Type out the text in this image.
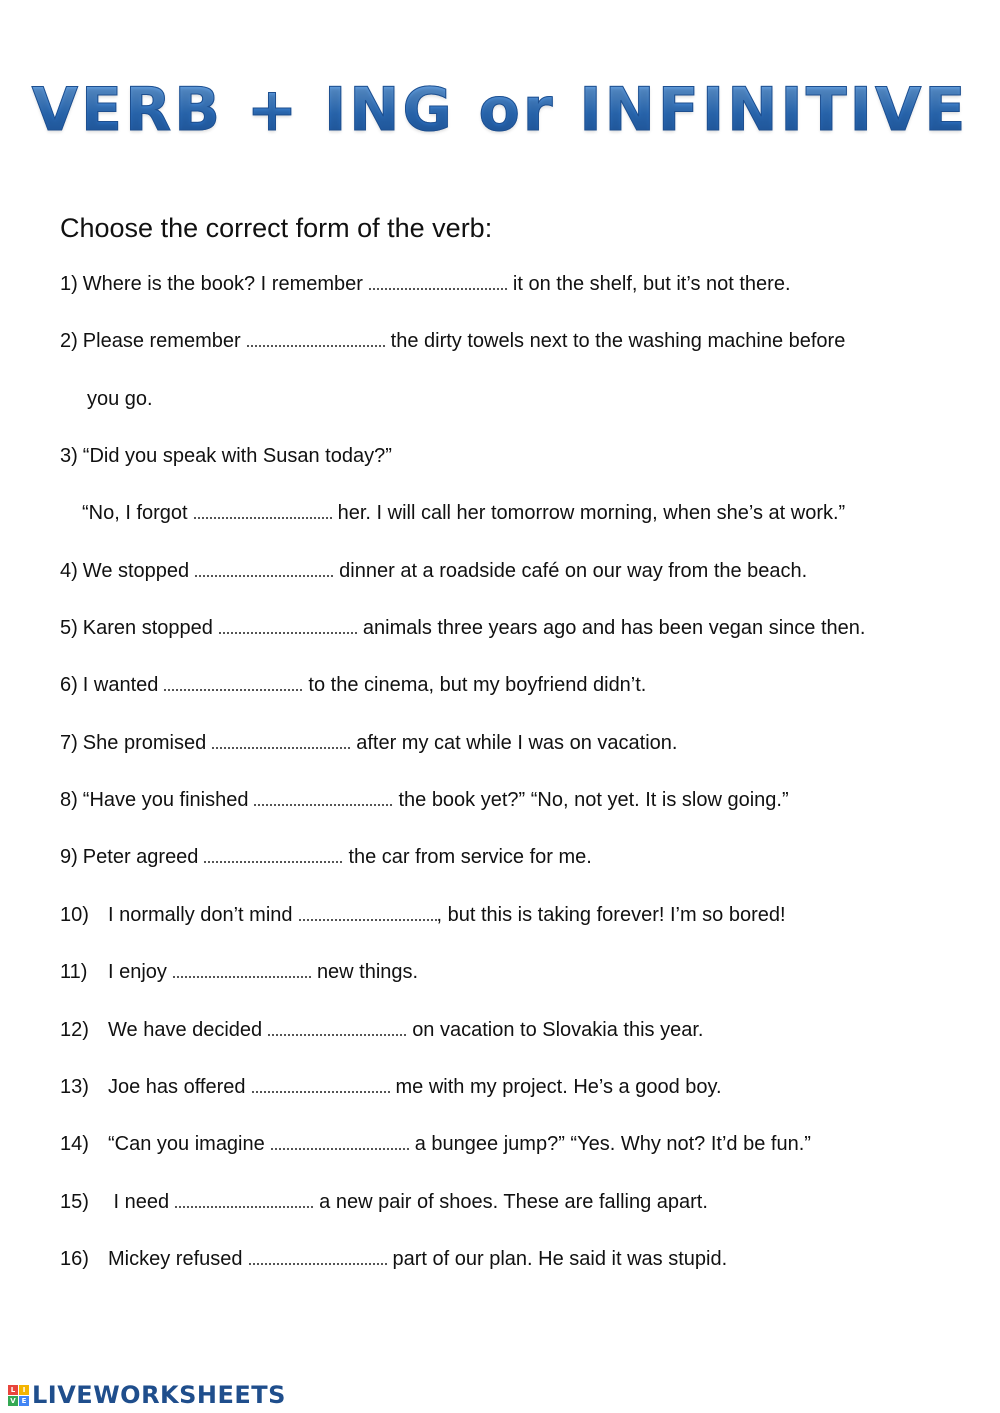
VERB + ING or INFINITIVE
Choose the correct form of the verb:
1) Where is the book? I remember	it on the shelf, but it’s not there.
2) Please remember	the dirty towels next to the washing machine before
you go.
3) “Did you speak with Susan today?”
“No, I forgot	her. I will call her tomorrow morning, when she’s at work.”
4) We stopped	dinner at a roadside café on our way from the beach.
5) Karen stopped	animals three years ago and has been vegan since then.
6) I wanted	to the cinema, but my boyfriend didn’t.
7) She promised	after my cat while I was on vacation.
8) “Have you finished	the book yet?” “No, not yet. It is slow going.”
9) Peter agreed	the car from service for me.
10) I normally don’t mind	, but this is taking forever! I’m so bored!
11) I enjoy	new things.
12) We have decided	on vacation to Slovakia this year.
13) Joe has offered	me with my project. He’s a good boy.
14) “Can you imagine	a bungee jump?” “Yes. Why not? It’d be fun.”
15) I need	a new pair of shoes. These are falling apart.
16) Mickey refused	part of our plan. He said it was stupid.
L	I
V E LIVEWORKSHEETS
